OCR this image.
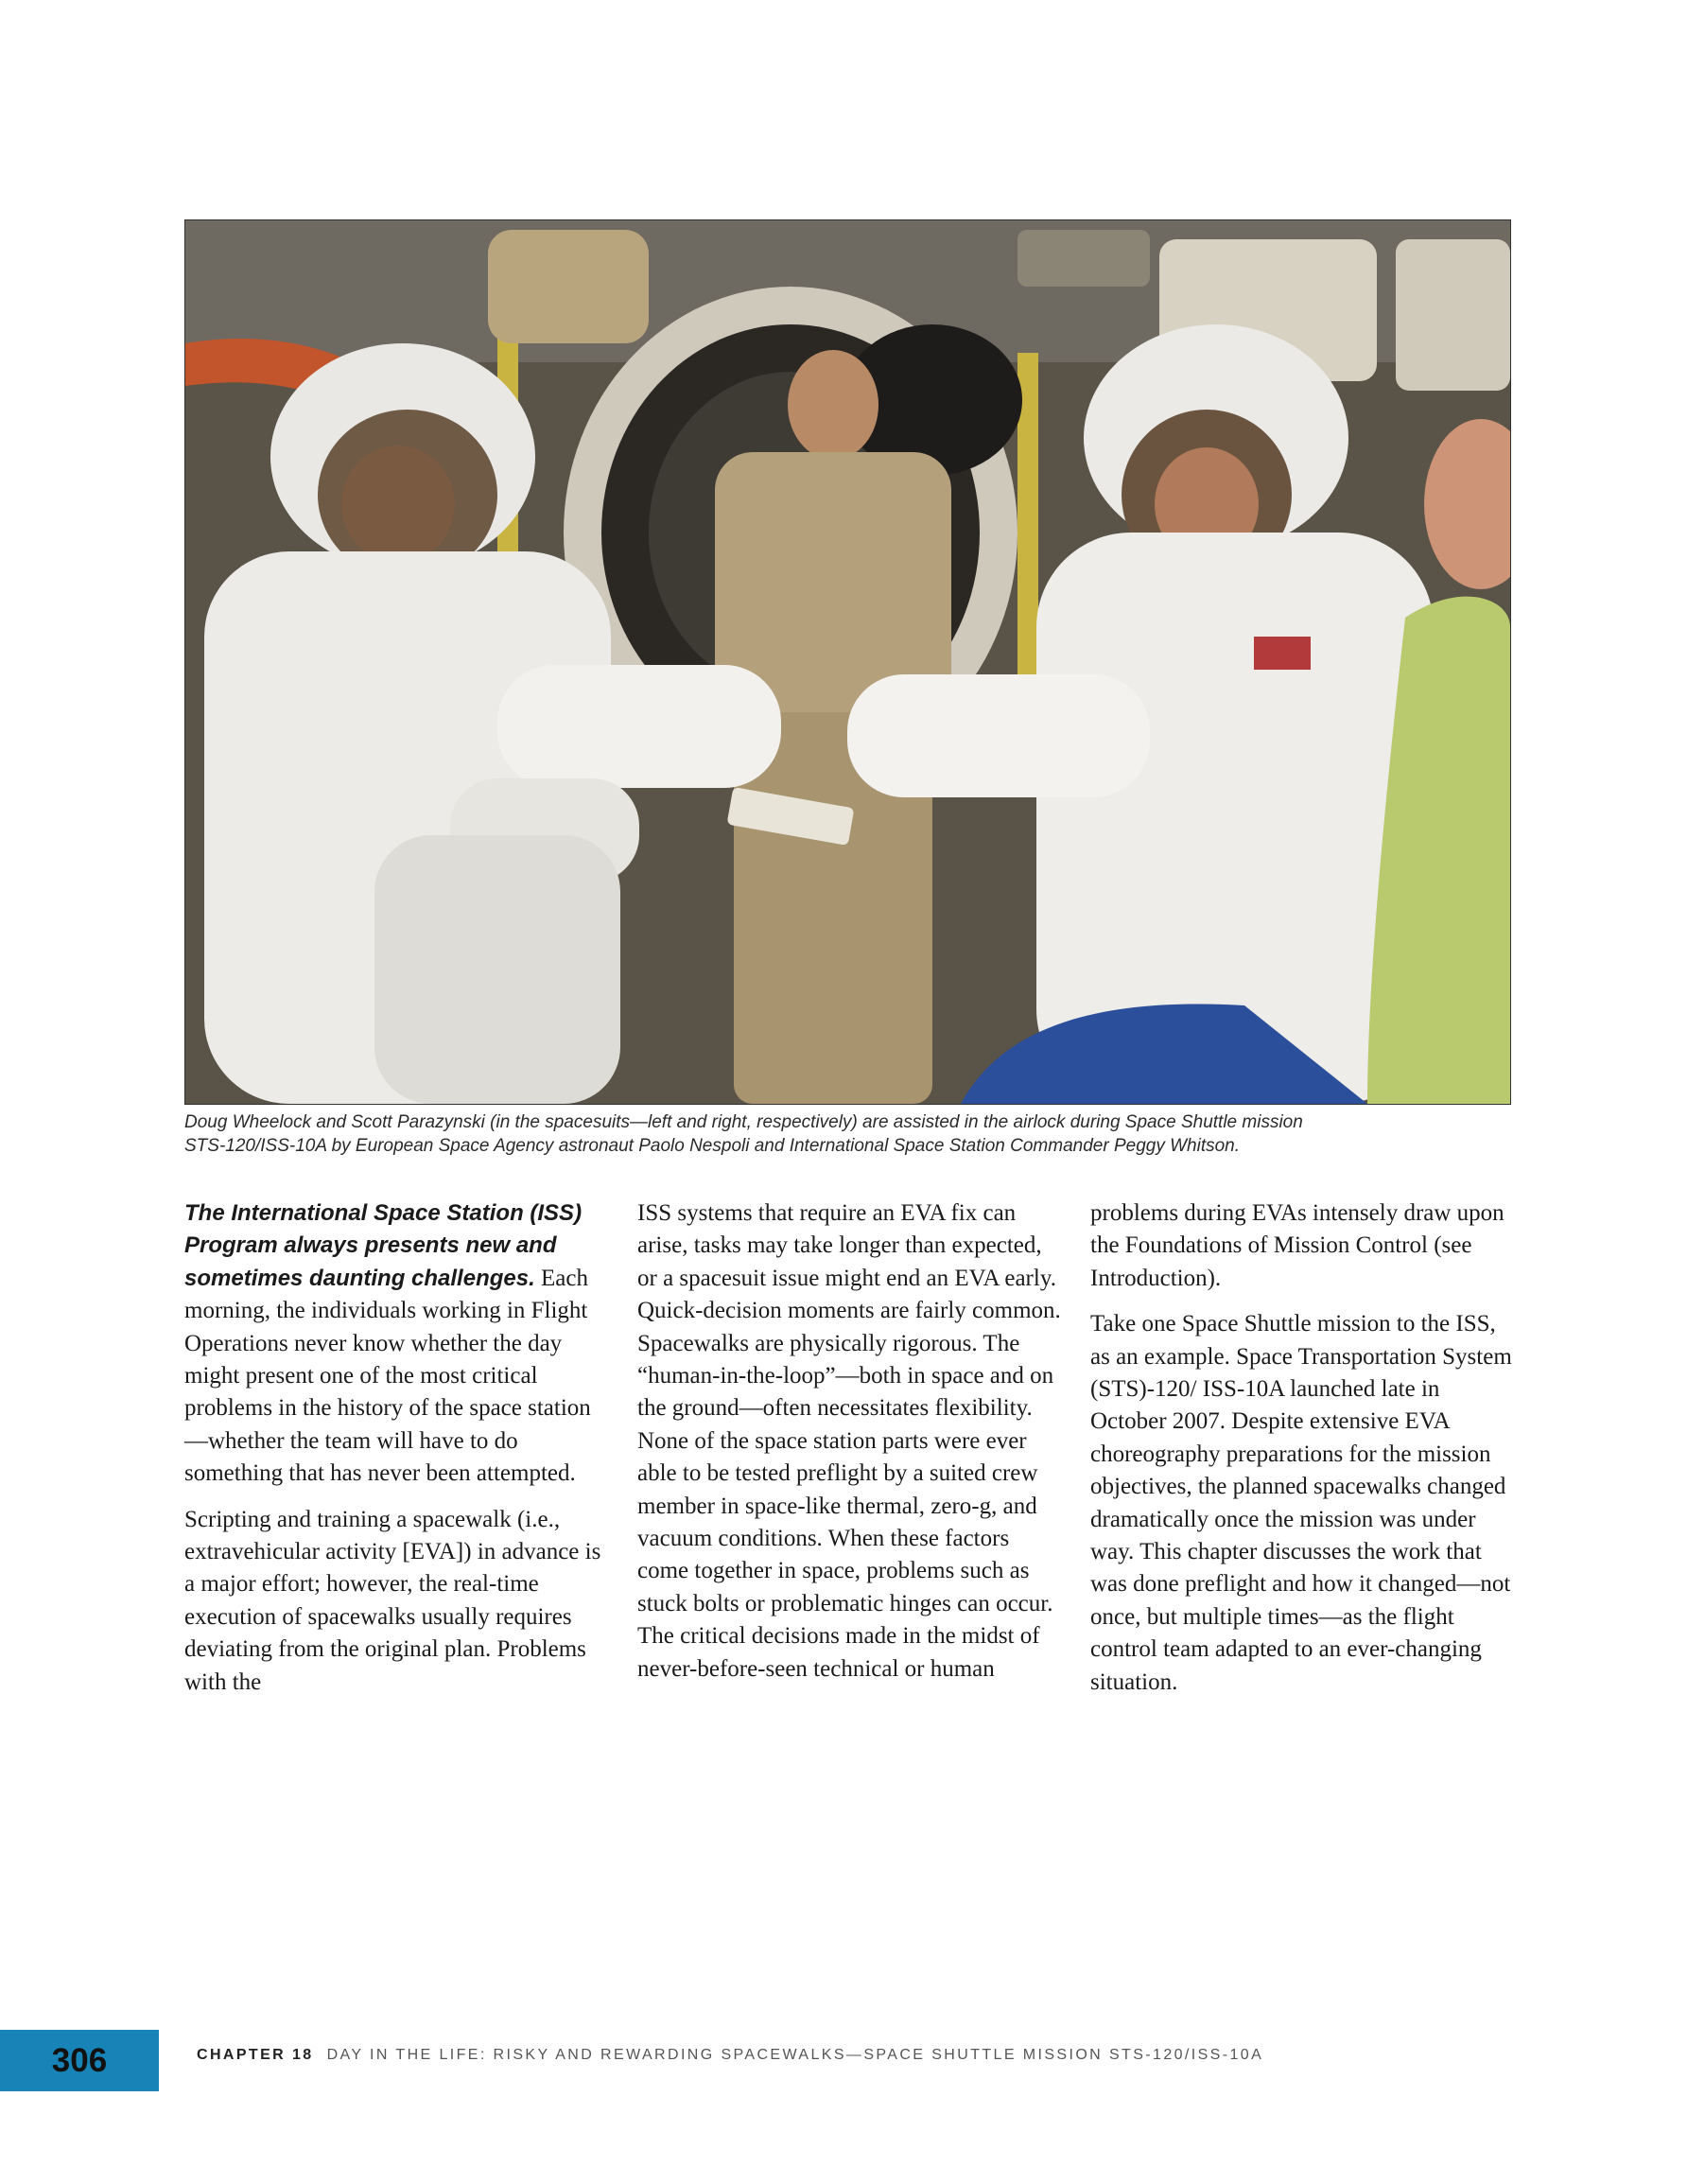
Doug Wheelock and Scott Parazynski (in the spacesuits—left and right, respectively) are assisted in the airlock during Space Shuttle mission
STS-120/ISS-10A by European Space Agency astronaut Paolo Nespoli and International Space Station Commander Peggy Whitson.

The International Space Station (ISS) Program always presents new and sometimes daunting challenges. Each morning, the individuals working in Flight Operations never know whether the day might present one of the most critical problems in the history of the space station—whether the team will have to do something that has never been attempted.

Scripting and training a spacewalk (i.e., extravehicular activity [EVA]) in advance is a major effort; however, the real-time execution of spacewalks usually requires deviating from the original plan. Problems with the

ISS systems that require an EVA fix can arise, tasks may take longer than expected, or a spacesuit issue might end an EVA early. Quick-decision moments are fairly common. Spacewalks are physically rigorous. The “human-in-the-loop”—both in space and on the ground—often necessitates flexibility. None of the space station parts were ever able to be tested preflight by a suited crew member in space-like thermal, zero-g, and vacuum conditions. When these factors come together in space, problems such as stuck bolts or problematic hinges can occur. The critical decisions made in the midst of never-before-seen technical or human

problems during EVAs intensely draw upon the Foundations of Mission Control (see Introduction).

Take one Space Shuttle mission to the ISS, as an example. Space Transportation System (STS)-120/ ISS-10A launched late in October 2007. Despite extensive EVA choreography preparations for the mission objectives, the planned spacewalks changed dramatically once the mission was under way. This chapter discusses the work that was done preflight and how it changed—not once, but multiple times—as the flight control team adapted to an ever-changing situation.

306	CHAPTER 18 DAY IN THE LIFE: RISKY AND REWARDING SPACEWALKS—SPACE SHUTTLE MISSION STS-120/ISS-10A
